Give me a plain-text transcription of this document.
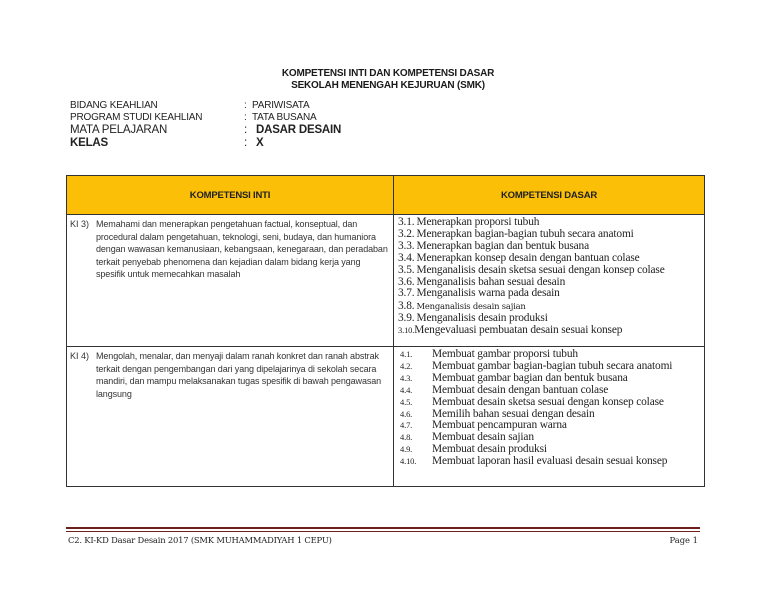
KOMPETENSI INTI DAN KOMPETENSI DASAR
SEKOLAH MENENGAH KEJURUAN (SMK)
BIDANG KEAHLIAN	: PARIWISATA
PROGRAM STUDI KEAHLIAN	: TATA BUSANA
MATA PELAJARAN	: DASAR DESAIN
KELAS	: X
KOMPETENSI INTI	KOMPETENSI DASAR

KI 3) Memahami dan menerapkan pengetahuan factual, konseptual, dan procedural dalam pengetahuan, teknologi, seni, budaya, dan humaniora dengan wawasan kemanusiaan, kebangsaan, kenegaraan, dan peradaban terkait penyebab phenomena dan kejadian dalam bidang kerja yang spesifik untuk memecahkan masalah

3.1. Menerapkan proporsi tubuh
3.2. Menerapkan bagian-bagian tubuh secara anatomi
3.3. Menerapkan bagian dan bentuk busana
3.4. Menerapkan konsep desain dengan bantuan colase
3.5. Menganalisis desain sketsa sesuai dengan konsep colase
3.6. Menganalisis bahan sesuai desain
3.7. Menganalisis warna pada desain
3.8. Menganalisis desain sajian
3.9. Menganalisis desain produksi
3.10.Mengevaluasi pembuatan desain sesuai konsep

KI 4) Mengolah, menalar, dan menyaji dalam ranah konkret dan ranah abstrak terkait dengan pengembangan dari yang dipelajarinya di sekolah secara mandiri, dan mampu melaksanakan tugas spesifik di bawah pengawasan langsung

4.1.	Membuat gambar proporsi tubuh
4.2.	Membuat gambar bagian-bagian tubuh secara anatomi
4.3.	Membuat gambar bagian dan bentuk busana
4.4.	Membuat desain dengan bantuan colase
4.5.	Membuat desain sketsa sesuai dengan konsep colase
4.6.	Memilih bahan sesuai dengan desain
4.7.	Membuat pencampuran warna
4.8.	Membuat desain sajian
4.9.	Membuat desain produksi
4.10.	Membuat laporan hasil evaluasi desain sesuai konsep
C2. KI-KD Dasar Desain 2017 (SMK MUHAMMADIYAH 1 CEPU)	Page 1
